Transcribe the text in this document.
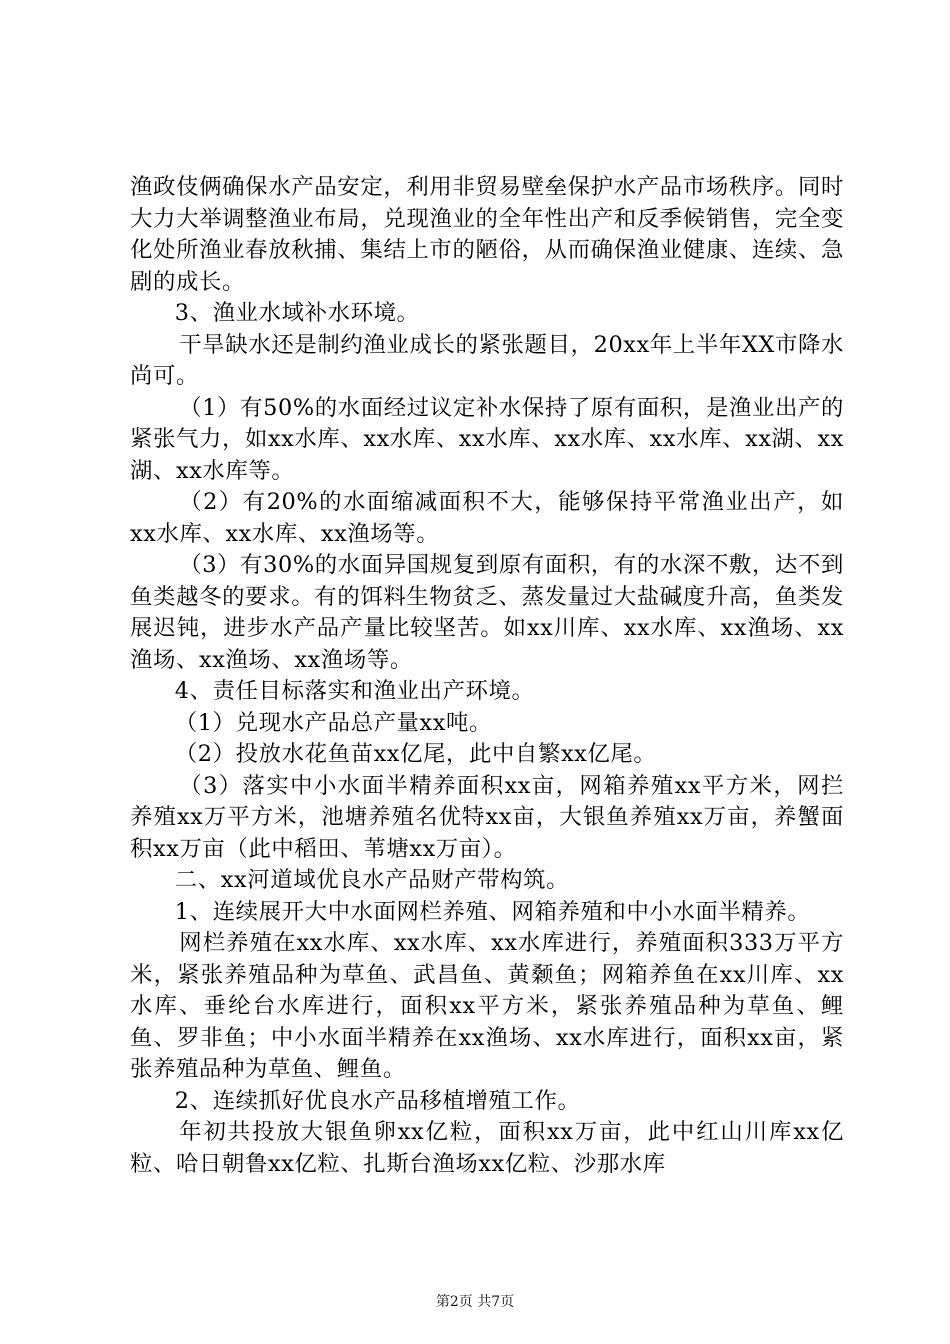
渔政伎俩确保水产品安定，利用非贸易壁垒保护水产品市场秩序。同时大力大举调整渔业布局，兑现渔业的全年性出产和反季候销售，完全变化处所渔业春放秋捕、集结上市的陋俗，从而确保渔业健康、连续、急剧的成长。

3、渔业水域补水环境。

干旱缺水还是制约渔业成长的紧张题目，20xx年上半年XX市降水尚可。

（1）有50%的水面经过议定补水保持了原有面积，是渔业出产的紧张气力，如xx水库、xx水库、xx水库、xx水库、xx水库、xx湖、xx湖、xx水库等。

（2）有20%的水面缩减面积不大，能够保持平常渔业出产，如xx水库、xx水库、xx渔场等。

（3）有30%的水面异国规复到原有面积，有的水深不敷，达不到鱼类越冬的要求。有的饵料生物贫乏、蒸发量过大盐碱度升高，鱼类发展迟钝，进步水产品产量比较坚苦。如xx川库、xx水库、xx渔场、xx渔场、xx渔场、xx渔场等。

4、责任目标落实和渔业出产环境。

（1）兑现水产品总产量xx吨。

（2）投放水花鱼苗xx亿尾，此中自繁xx亿尾。

（3）落实中小水面半精养面积xx亩，网箱养殖xx平方米，网拦养殖xx万平方米，池塘养殖名优特xx亩，大银鱼养殖xx万亩，养蟹面积xx万亩（此中稻田、苇塘xx万亩）。

二、xx河道域优良水产品财产带构筑。

1、连续展开大中水面网栏养殖、网箱养殖和中小水面半精养。

网栏养殖在xx水库、xx水库、xx水库进行，养殖面积333万平方米，紧张养殖品种为草鱼、武昌鱼、黄颡鱼；网箱养鱼在xx川库、xx水库、垂纶台水库进行，面积xx平方米，紧张养殖品种为草鱼、鲤鱼、罗非鱼；中小水面半精养在xx渔场、xx水库进行，面积xx亩，紧张养殖品种为草鱼、鲤鱼。

2、连续抓好优良水产品移植增殖工作。

年初共投放大银鱼卵xx亿粒，面积xx万亩，此中红山川库xx亿粒、哈日朝鲁xx亿粒、扎斯台渔场xx亿粒、沙那水库

第2页 共7页
